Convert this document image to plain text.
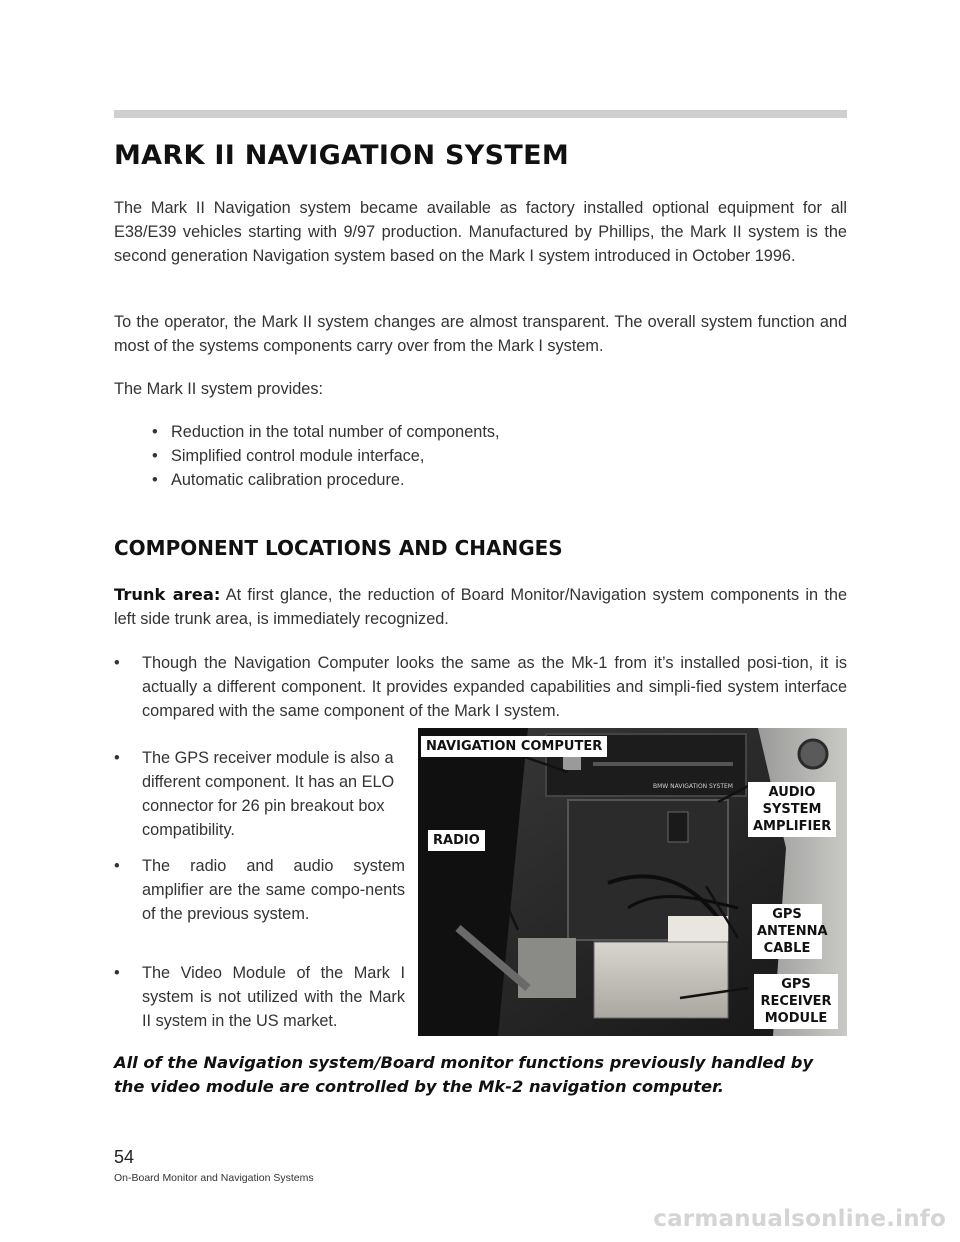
MARK II NAVIGATION SYSTEM

The Mark II Navigation system became available as factory installed optional equipment for all E38/E39 vehicles starting with 9/97 production. Manufactured by Phillips, the Mark II system is the second generation Navigation system based on the Mark I system introduced in October 1996.

To the operator, the Mark II system changes are almost transparent. The overall system function and most of the systems components carry over from the Mark I system.

The Mark II system provides:

• Reduction in the total number of components,
• Simplified control module interface,
• Automatic calibration procedure.
COMPONENT LOCATIONS AND CHANGES

Trunk area: At first glance, the reduction of Board Monitor/Navigation system components in the left side trunk area, is immediately recognized.

•	Though the Navigation Computer looks the same as the Mk-1 from it’s installed posi-tion, it is actually a different component. It provides expanded capabilities and simpli-fied system interface compared with the same component of the Mark I system.
•	The GPS receiver module is also a different component. It has an ELO connector for 26 pin breakout box compatibility.
•	The radio and audio system amplifier are the same compo-nents of the previous system.
•	The Video Module of the Mark I system is not utilized with the Mark II system in the US market.
BMW NAVIGATION SYSTEM
NAVIGATION COMPUTER
RADIO
AUDIO SYSTEM AMPLIFIER
GPS ANTENNA CABLE
GPS RECEIVER MODULE

All of the Navigation system/Board monitor functions previously handled by the video module are controlled by the Mk-2 navigation computer.

54
On-Board Monitor and Navigation Systems
carmanualsonline.info
